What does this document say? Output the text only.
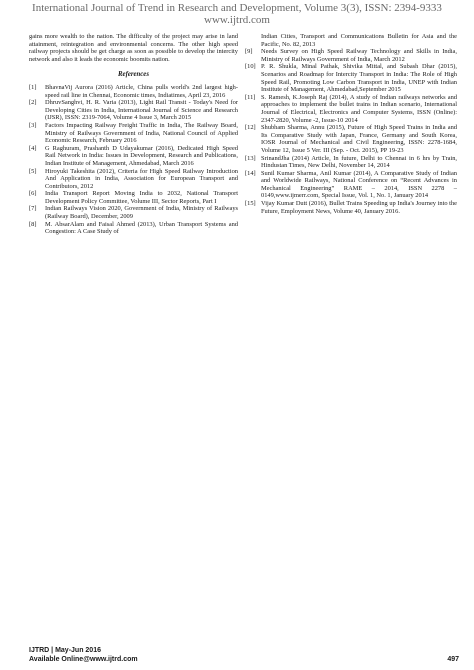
International Journal of Trend in Research and Development, Volume 3(3), ISSN: 2394-9333
www.ijtrd.com

gains more wealth to the nation. The difficulty of the project may arise in land attainment, reintegration and environmental concerns. The other high speed railway projects should be get charge as soon as possible to develop the intercity network and also it leads the economic boomits nation.

References
[1]	BhavnaVij Aurora (2016) Article, China pulls world's 2nd largest high-speed rail line in Chennai, Economic times, Indiatimes, April 23, 2016
[2]	DhruvSanghvi, H. R. Varia (2013), Light Rail Transit - Today's Need for Developing Cities in India, International Journal of Science and Research (IJSR), ISSN: 2319-7064, Volume 4 Issue 3, March 2015
[3]	Factors Impacting Railway Freight Traffic in India, The Railway Board, Ministry of Railways Government of India, National Council of Applied Economic Research, February 2016
[4]	G Raghuram, Prashanth D Udayakumar (2016), Dedicated High Speed Rail Network in India: Issues in Development, Research and Publications, Indian Institute of Management, Ahmedabad, March 2016
[5]	Hiroyuki Takeshita (2012), Criteria for High Speed Railway Introduction And Application in India, Association for European Transport and Contributors, 2012
[6]	India Transport Report Moving India to 2032, National Transport Development Policy Committee, Volume III, Sector Reports, Part I
[7]	Indian Railways Vision 2020, Government of India, Ministry of Railways (Railway Board), December, 2009
[8]	M. AbsarAlam and Faisal Ahmed (2013), Urban Transport Systems and Congestion: A Case Study of
Indian Cities, Transport and Communications Bulletin for Asia and the Pacific, No. 82, 2013
[9]	Needs Survey on High Speed Railway Technology and Skills in India, Ministry of Railways Government of India, March 2012
[10] P. R. Shukla, Minal Pathak, Shivika Mittal, and Subash Dhar (2015), Scenarios and Roadmap for Intercity Transport in India: The Role of High Speed Rail, Promoting Low Carbon Transport in India, UNEP with Indian Institute of Management, Ahmedabad,September 2015
[11] S. Ramesh, K.Joseph Raj (2014), A study of Indian railways networks and approaches to implement the bullet trains in Indian scenario, International Journal of Electrical, Electronics and Computer Systems, ISSN (Online): 2347-2820, Volume -2, Issue-10 2014
[12] Shubham Sharma, Annu (2015), Future of High Speed Trains in India and Its Comparative Study with Japan, France, Germany and South Korea, IOSR Journal of Mechanical and Civil Engineering, ISSN: 2278-1684, Volume 12, Issue 5 Ver. III (Sep. - Oct. 2015), PP 19-23
[13] SrinandJha (2014) Article, In future, Delhi to Chennai in 6 hrs by Train, Hindustan Times, New Delhi, November 14, 2014
[14] Sunil Kumar Sharma, Anil Kumar (2014), A Comparative Study of Indian and Worldwide Railways, National Conference on “Recent Advances in Mechanical Engineering” RAME – 2014, ISSN 2278 – 0149,www.ijmerr.com, Special Issue, Vol. 1, No. 1, January 2014
[15] Vijay Kumar Dutt (2016), Bullet Trains Speeding up India's Journey into the Future, Employment News, Volume 40, January 2016.
IJTRD | May-Jun 2016
Available Online@www.ijtrd.com	497
